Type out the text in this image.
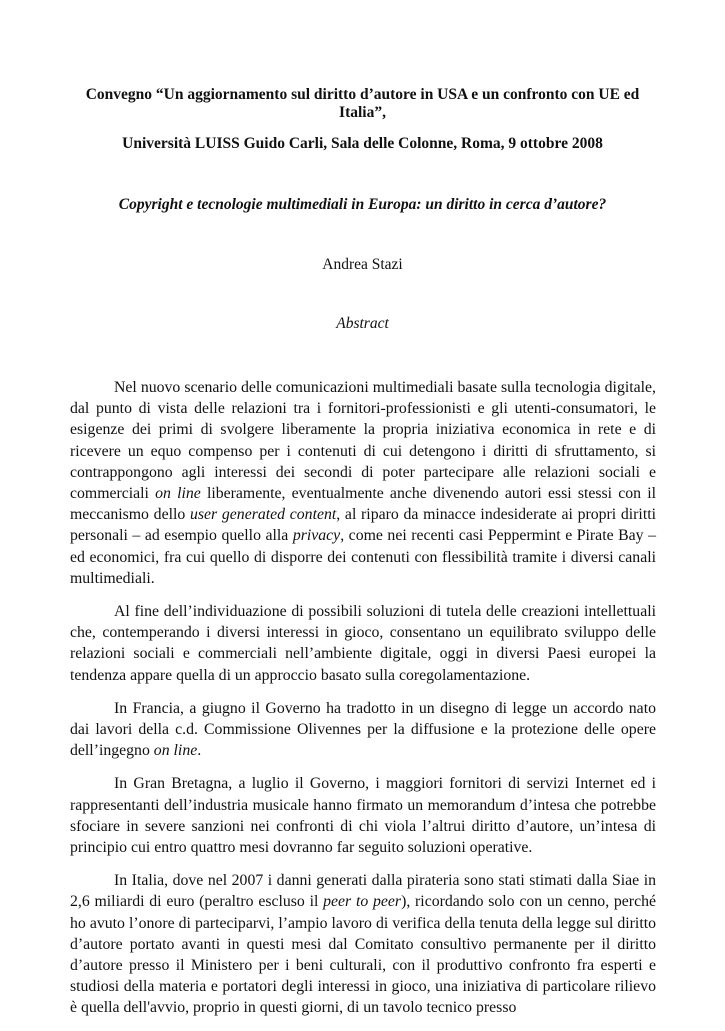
Convegno “Un aggiornamento sul diritto d’autore in USA e un confronto con UE ed Italia”,
Università LUISS Guido Carli, Sala delle Colonne, Roma, 9 ottobre 2008
Copyright e tecnologie multimediali in Europa: un diritto in cerca d’autore?
Andrea Stazi
Abstract

Nel nuovo scenario delle comunicazioni multimediali basate sulla tecnologia digitale, dal punto di vista delle relazioni tra i fornitori-professionisti e gli utenti-consumatori, le esigenze dei primi di svolgere liberamente la propria iniziativa economica in rete e di ricevere un equo compenso per i contenuti di cui detengono i diritti di sfruttamento, si contrappongono agli interessi dei secondi di poter partecipare alle relazioni sociali e commerciali on line liberamente, eventualmente anche divenendo autori essi stessi con il meccanismo dello user generated content, al riparo da minacce indesiderate ai propri diritti personali – ad esempio quello alla privacy, come nei recenti casi Peppermint e Pirate Bay – ed economici, fra cui quello di disporre dei contenuti con flessibilità tramite i diversi canali multimediali.

Al fine dell’individuazione di possibili soluzioni di tutela delle creazioni intellettuali che, contemperando i diversi interessi in gioco, consentano un equilibrato sviluppo delle relazioni sociali e commerciali nell’ambiente digitale, oggi in diversi Paesi europei la tendenza appare quella di un approccio basato sulla coregolamentazione.

In Francia, a giugno il Governo ha tradotto in un disegno di legge un accordo nato dai lavori della c.d. Commissione Olivennes per la diffusione e la protezione delle opere dell’ingegno on line.

In Gran Bretagna, a luglio il Governo, i maggiori fornitori di servizi Internet ed i rappresentanti dell’industria musicale hanno firmato un memorandum d’intesa che potrebbe sfociare in severe sanzioni nei confronti di chi viola l’altrui diritto d’autore, un’intesa di principio cui entro quattro mesi dovranno far seguito soluzioni operative.

In Italia, dove nel 2007 i danni generati dalla pirateria sono stati stimati dalla Siae in 2,6 miliardi di euro (peraltro escluso il peer to peer), ricordando solo con un cenno, perché ho avuto l’onore di parteciparvi, l’ampio lavoro di verifica della tenuta della legge sul diritto d’autore portato avanti in questi mesi dal Comitato consultivo permanente per il diritto d’autore presso il Ministero per i beni culturali, con il produttivo confronto fra esperti e studiosi della materia e portatori degli interessi in gioco, una iniziativa di particolare rilievo è quella dell'avvio, proprio in questi giorni, di un tavolo tecnico presso
